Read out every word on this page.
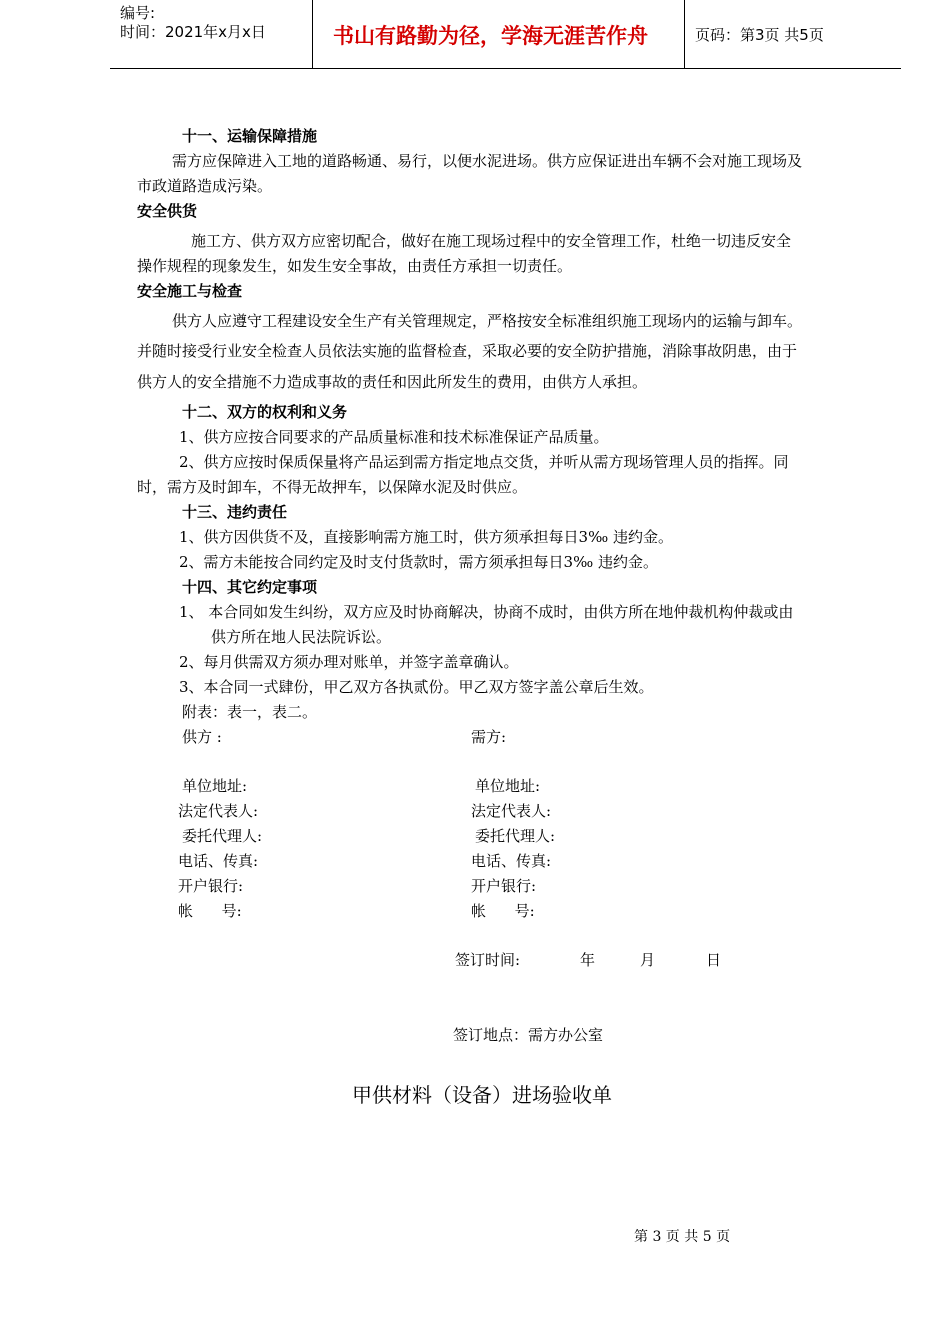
编号:
时间：2021年x月x日	书山有路勤为径，学海无涯苦作舟	页码：第3页 共5页
十一、运输保障措施
需方应保障进入工地的道路畅通、易行，以便水泥进场。供方应保证进出车辆不会对施工现场及
市政道路造成污染。
安全供货
施工方、供方双方应密切配合，做好在施工现场过程中的安全管理工作，杜绝一切违反安全
操作规程的现象发生，如发生安全事故，由责任方承担一切责任。
安全施工与检查
供方人应遵守工程建设安全生产有关管理规定，严格按安全标准组织施工现场内的运输与卸车。
并随时接受行业安全检查人员依法实施的监督检查，采取必要的安全防护措施，消除事故阴患，由于
供方人的安全措施不力造成事故的责任和因此所发生的费用，由供方人承担。
十二、双方的权利和义务
1、供方应按合同要求的产品质量标准和技术标准保证产品质量。
2、供方应按时保质保量将产品运到需方指定地点交货，并听从需方现场管理人员的指挥。同
时，需方及时卸车，不得无故押车，以保障水泥及时供应。
十三、违约责任
1、供方因供货不及，直接影响需方施工时，供方须承担每日3‰ 违约金。
2、需方未能按合同约定及时支付货款时，需方须承担每日3‰ 违约金。
十四、其它约定事项
1、 本合同如发生纠纷，双方应及时协商解决，协商不成时，由供方所在地仲裁机构仲裁或由
供方所在地人民法院诉讼。
2、每月供需双方须办理对账单，并签字盖章确认。
3、本合同一式肆份，甲乙双方各执贰份。甲乙双方签字盖公章后生效。
附表：表一，表二。
供方 :	需方:
单位地址:	单位地址:
法定代表人:	法定代表人:
委托代理人:	委托代理人:
电话、传真:	电话、传真:
开户银行:	开户银行:
帐      号:	帐      号:
签订时间:	年	月	日
签订地点：需方办公室
甲供材料（设备）进场验收单
第 3 页 共 5 页
